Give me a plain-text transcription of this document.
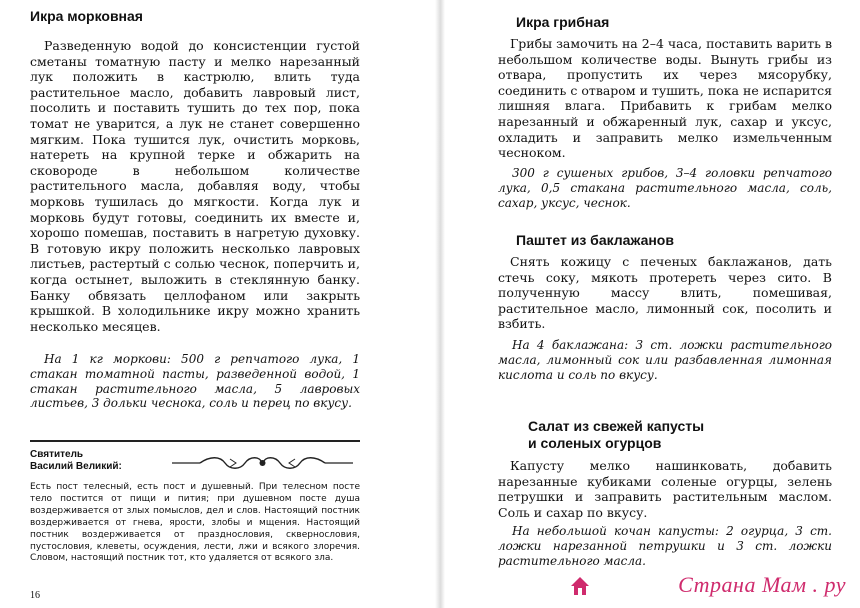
Икра морковная

Разведенную водой до консистенции густой сметаны томатную пасту и мелко нарезанный лук положить в кастрюлю, влить туда растительное масло, добавить лавровый лист, посолить и поставить тушить до тех пор, пока томат не уварится, а лук не станет совершенно мягким. Пока тушится лук, очистить морковь, натереть на крупной терке и обжарить на сковороде в небольшом количестве растительного масла, добавляя воду, чтобы морковь тушилась до мягкости. Когда лук и морковь будут готовы, соединить их вместе и, хорошо помешав, поставить в нагретую духовку. В готовую икру положить несколько лавровых листьев, растертый с солью чеснок, поперчить и, когда остынет, выложить в стеклянную банку. Банку обвязать целлофаном или закрыть крышкой. В холодильнике икру можно хранить несколько месяцев.

На 1 кг моркови: 500 г репчатого лука, 1 стакан томатной пасты, разведенной водой, 1 стакан растительного масла, 5 лавровых листьев, 3 дольки чеснока, соль и перец по вкусу.

Святитель
Василий Великий:

Есть пост телесный, есть пост и душевный. При телесном посте тело постится от пищи и пития; при душевном посте душа воздерживается от злых помыслов, дел и слов. Настоящий постник воздерживается от гнева, ярости, злобы и мщения. Настоящий постник воздерживается от празднословия, сквернословия, пустословия, клеветы, осуждения, лести, лжи и всякого злоречия. Словом, настоящий постник тот, кто удаляется от всякого зла.

16
Икра грибная

Грибы замочить на 2–4 часа, поставить варить в небольшом количестве воды. Вынуть грибы из отвара, пропустить их через мясорубку, соединить с отваром и тушить, пока не испарится лишняя влага. Прибавить к грибам мелко нарезанный и обжаренный лук, сахар и уксус, охладить и заправить мелко измельченным чесноком.

300 г сушеных грибов, 3–4 головки репчатого лука, 0,5 стакана растительного масла, соль, сахар, уксус, чеснок.

Паштет из баклажанов

Снять кожицу с печеных баклажанов, дать стечь соку, мякоть протереть через сито. В полученную массу влить, помешивая, растительное масло, лимонный сок, посолить и взбить.

На 4 баклажана: 3 ст. ложки растительного масла, лимонный сок или разбавленная лимонная кислота и соль по вкусу.

Салат из свежей капусты
и соленых огурцов

Капусту мелко нашинковать, добавить нарезанные кубиками соленые огурцы, зелень петрушки и заправить растительным маслом. Соль и сахар по вкусу.

На небольшой кочан капусты: 2 огурца, 3 ст. ложки нарезанной петрушки и 3 ст. ложки растительного масла.

Страна Мам . ру
